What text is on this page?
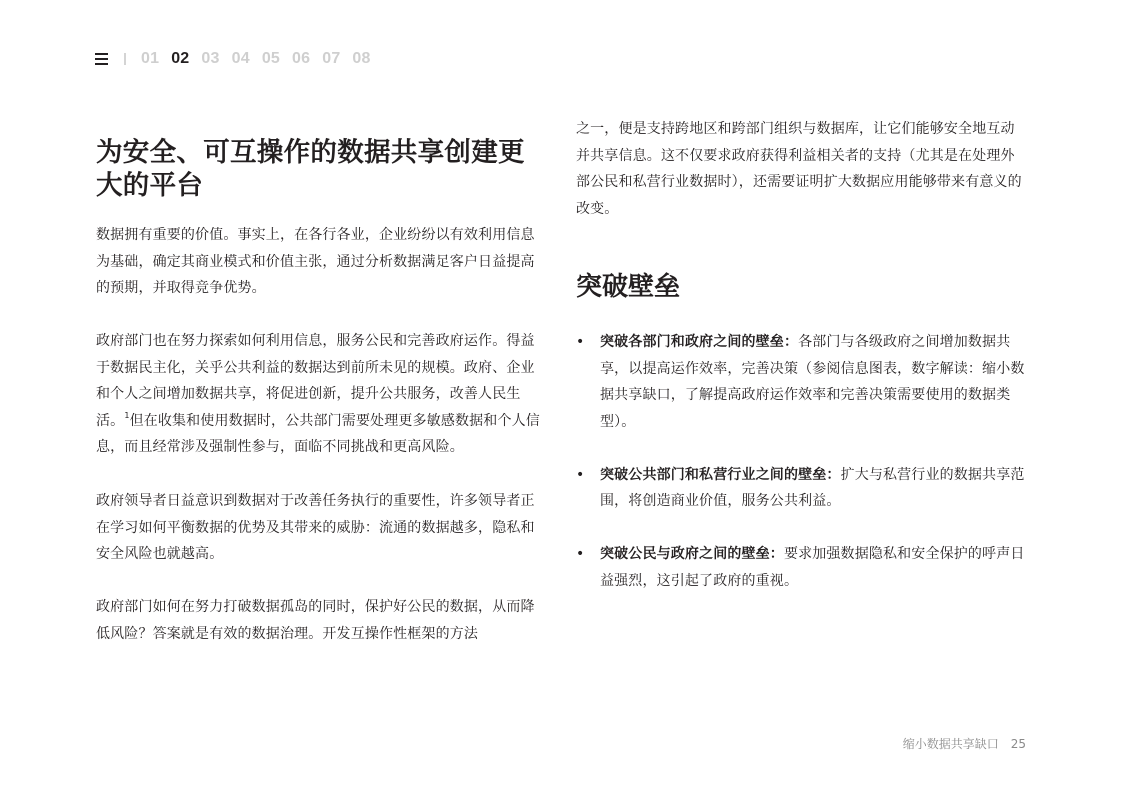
01 02 03 04 05 06 07 08
为安全、可互操作的数据共享创建更大的平台

数据拥有重要的价值。事实上，在各行各业，企业纷纷以有效利用信息为基础，确定其商业模式和价值主张，通过分析数据满足客户日益提高的预期，并取得竞争优势。

政府部门也在努力探索如何利用信息，服务公民和完善政府运作。得益于数据民主化，关乎公共利益的数据达到前所未见的规模。政府、企业和个人之间增加数据共享，将促进创新，提升公共服务，改善人民生活。$^1$但在收集和使用数据时，公共部门需要处理更多敏感数据和个人信息，而且经常涉及强制性参与，面临不同挑战和更高风险。

政府领导者日益意识到数据对于改善任务执行的重要性，许多领导者正在学习如何平衡数据的优势及其带来的威胁：流通的数据越多，隐私和安全风险也就越高。

政府部门如何在努力打破数据孤岛的同时，保护好公民的数据，从而降低风险？答案就是有效的数据治理。开发互操作性框架的方法

之一，便是支持跨地区和跨部门组织与数据库，让它们能够安全地互动并共享信息。这不仅要求政府获得利益相关者的支持（尤其是在处理外部公民和私营行业数据时），还需要证明扩大数据应用能够带来有意义的改变。

突破壁垒
• 突破各部门和政府之间的壁垒：各部门与各级政府之间增加数据共享，以提高运作效率，完善决策（参阅信息图表，数字解读：缩小数据共享缺口，了解提高政府运作效率和完善决策需要使用的数据类型）。
• 突破公共部门和私营行业之间的壁垒：扩大与私营行业的数据共享范围，将创造商业价值，服务公共利益。
• 突破公民与政府之间的壁垒：要求加强数据隐私和安全保护的呼声日益强烈，这引起了政府的重视。
缩小数据共享缺口 25
